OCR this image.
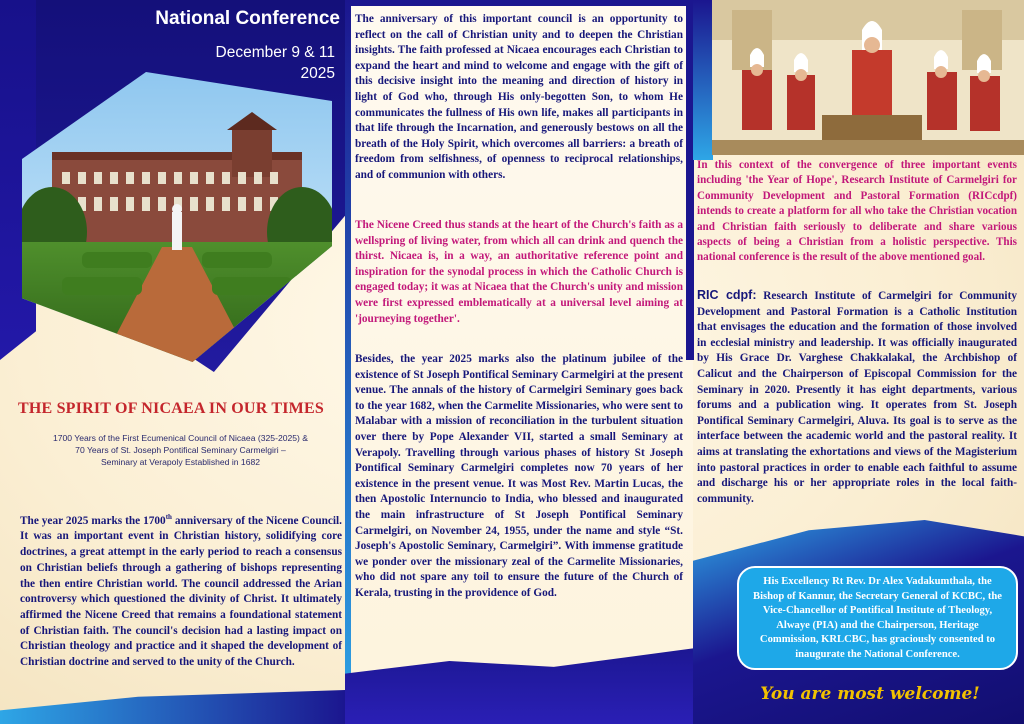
National Conference
December 9 & 11
2025
THE SPIRIT OF NICAEA IN OUR TIMES
1700 Years of the First Ecumenical Council of Nicaea (325-2025) &
70 Years of St. Joseph Pontifical Seminary Carmelgiri –
Seminary at Verapoly Established in 1682
The year 2025 marks the 1700th anniversary of the Nicene Council. It was an important event in Christian history, solidifying core doctrines, a great attempt in the early period to reach a consensus on Christian beliefs through a gathering of bishops representing the then entire Christian world. The council addressed the Arian controversy which questioned the divinity of Christ. It ultimately affirmed the Nicene Creed that remains a foundational statement of Christian faith. The council's decision had a lasting impact on Christian theology and practice and it shaped the development of Christian doctrine and served to the unity of the Church.
The anniversary of this important council is an opportunity to reflect on the call of Christian unity and to deepen the Christian insights. The faith professed at Nicaea encourages each Christian to expand the heart and mind to welcome and engage with the gift of this decisive insight into the meaning and direction of history in light of God who, through His only-begotten Son, to whom He communicates the fullness of His own life, makes all participants in that life through the Incarnation, and generously bestows on all the breath of the Holy Spirit, which overcomes all barriers: a breath of freedom from selfishness, of openness to reciprocal relationships, and of communion with others.
The Nicene Creed thus stands at the heart of the Church's faith as a wellspring of living water, from which all can drink and quench the thirst. Nicaea is, in a way, an authoritative reference point and inspiration for the synodal process in which the Catholic Church is engaged today; it was at Nicaea that the Church's unity and mission were first expressed emblematically at a universal level aiming at 'journeying together'.
Besides, the year 2025 marks also the platinum jubilee of the existence of St Joseph Pontifical Seminary Carmelgiri at the present venue. The annals of the history of Carmelgiri Seminary goes back to the year 1682, when the Carmelite Missionaries, who were sent to Malabar with a mission of reconciliation in the turbulent situation over there by Pope Alexander VII, started a small Seminary at Verapoly. Travelling through various phases of history St Joseph Pontifical Seminary Carmelgiri completes now 70 years of her existence in the present venue. It was Most Rev. Martin Lucas, the then Apostolic Internuncio to India, who blessed and inaugurated the main infrastructure of St Joseph Pontifical Seminary Carmelgiri, on November 24, 1955, under the name and style “St. Joseph's Apostolic Seminary, Carmelgiri”. With immense gratitude we ponder over the missionary zeal of the Carmelite Missionaries, who did not spare any toil to ensure the future of the Church of Kerala, trusting in the providence of God.
In this context of the convergence of three important events including 'the Year of Hope', Research Institute of Carmelgiri for Community Development and Pastoral Formation (RICcdpf) intends to create a platform for all who take the Christian vocation and Christian faith seriously to deliberate and share various aspects of being a Christian from a holistic perspective. This national conference is the result of the above mentioned goal.
RIC cdpf: Research Institute of Carmelgiri for Community Development and Pastoral Formation is a Catholic Institution that envisages the education and the formation of those involved in ecclesial ministry and leadership. It was officially inaugurated by His Grace Dr. Varghese Chakkalakal, the Archbishop of Calicut and the Chairperson of Episcopal Commission for the Seminary in 2020. Presently it has eight departments, various forums and a publication wing. It operates from St. Joseph Pontifical Seminary Carmelgiri, Aluva. Its goal is to serve as the interface between the academic world and the pastoral reality. It aims at translating the exhortations and views of the Magisterium into pastoral practices in order to enable each faithful to assume and discharge his or her appropriate roles in the local faith-community.
His Excellency Rt Rev. Dr Alex Vadakumthala, the Bishop of Kannur, the Secretary General of KCBC, the Vice-Chancellor of Pontifical Institute of Theology, Alwaye (PIA) and the Chairperson, Heritage Commission, KRLCBC, has graciously consented to inaugurate the National Conference.
You are most welcome!
